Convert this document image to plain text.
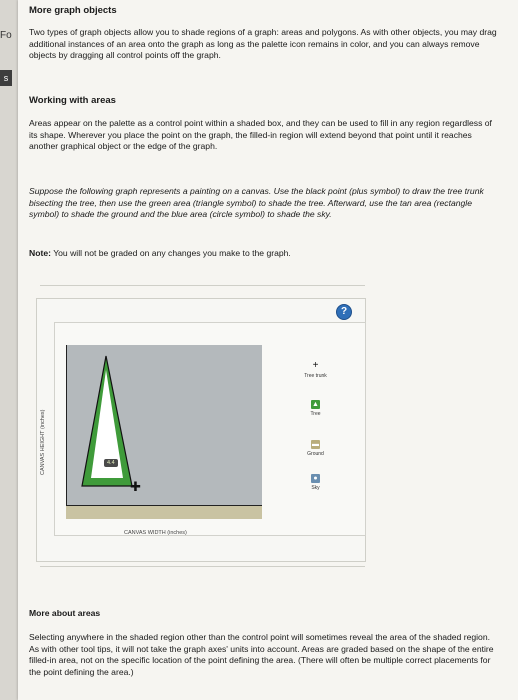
Fo
s
More graph objects

Two types of graph objects allow you to shade regions of a graph: areas and polygons. As with other objects, you may drag additional instances of an area onto the graph as long as the palette icon remains in color, and you can always remove objects by dragging all control points off the graph.

Working with areas

Areas appear on the palette as a control point within a shaded box, and they can be used to fill in any region regardless of its shape. Wherever you place the point on the graph, the filled-in region will extend beyond that point until it reaches another graphical object or the edge of the graph.

Suppose the following graph represents a painting on a canvas. Use the black point (plus symbol) to draw the tree trunk bisecting the tree, then use the green area (triangle symbol) to shade the tree. Afterward, use the tan area (rectangle symbol) to shade the ground and the blue area (circle symbol) to shade the sky.

Note: You will not be graded on any changes you make to the graph.
?
4.4
✚
CANVAS WIDTH (inches)
CANVAS HEIGHT (inches)
+
Tree trunk
▲
Tree
▬
Ground
●
Sky
More about areas

Selecting anywhere in the shaded region other than the control point will sometimes reveal the area of the shaded region. As with other tool tips, it will not take the graph axes' units into account. Areas are graded based on the shape of the entire filled-in area, not on the specific location of the point defining the area. (There will often be multiple correct placements for the point defining the area.)
